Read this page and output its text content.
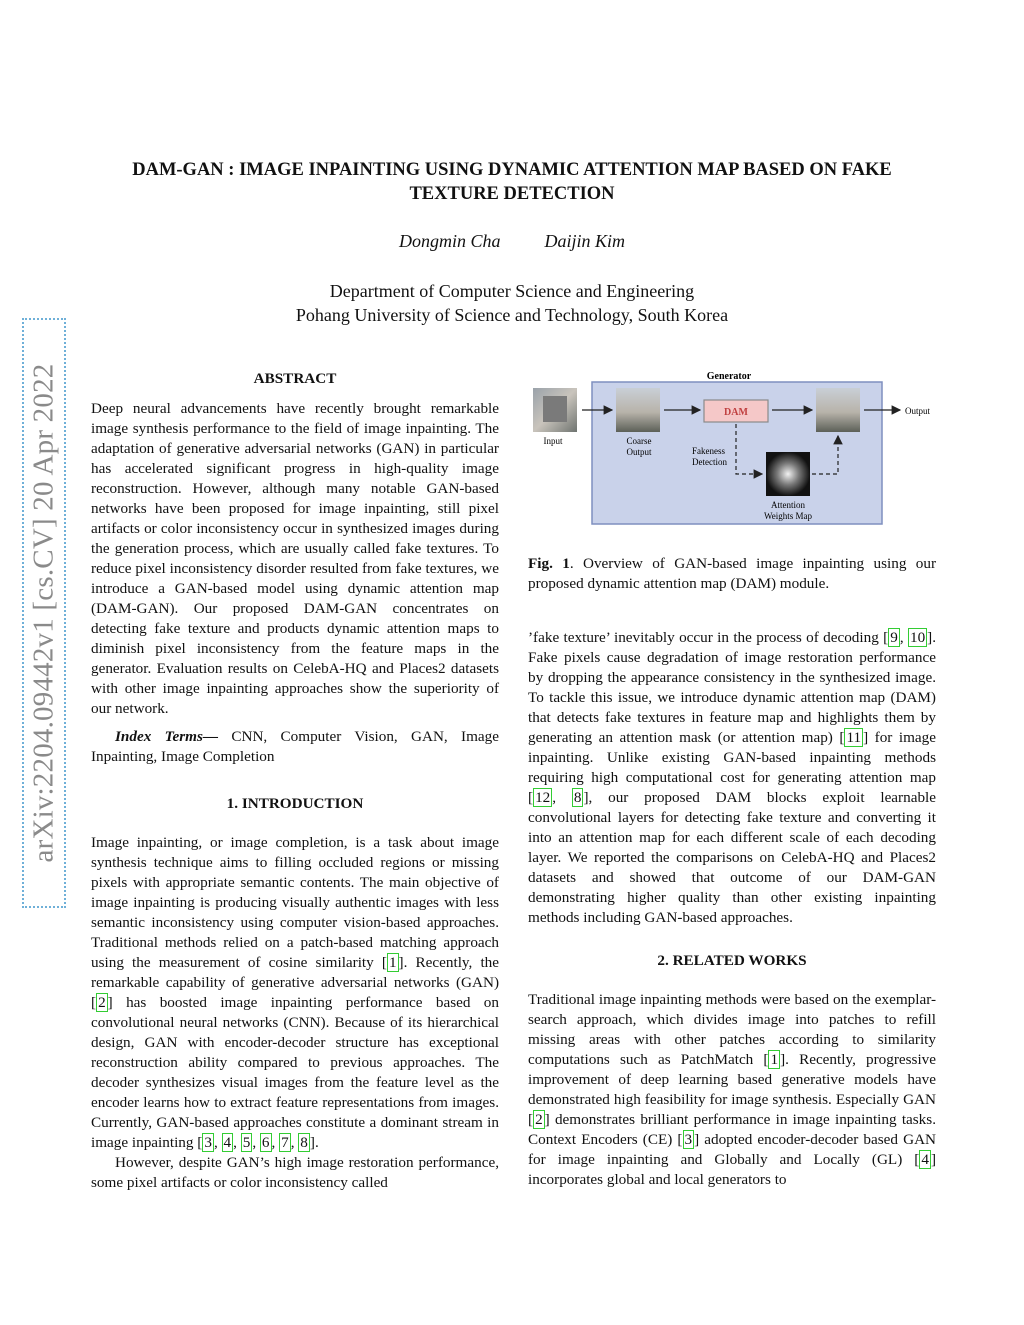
arXiv:2204.09442v1 [cs.CV] 20 Apr 2022
DAM-GAN : IMAGE INPAINTING USING DYNAMIC ATTENTION MAP BASED ON FAKE
TEXTURE DETECTION
Dongmin Cha Daijin Kim
Department of Computer Science and Engineering
Pohang University of Science and Technology, South Korea
ABSTRACT

Deep neural advancements have recently brought remarkable image synthesis performance to the field of image inpainting. The adaptation of generative adversarial networks (GAN) in particular has accelerated significant progress in high-quality image reconstruction. However, although many notable GAN-based networks have been proposed for image inpainting, still pixel artifacts or color inconsistency occur in synthesized images during the generation process, which are usually called fake textures. To reduce pixel inconsistency disorder resulted from fake textures, we introduce a GAN-based model using dynamic attention map (DAM-GAN). Our proposed DAM-GAN concentrates on detecting fake texture and products dynamic attention maps to diminish pixel inconsistency from the feature maps in the generator. Evaluation results on CelebA-HQ and Places2 datasets with other image inpainting approaches show the superiority of our network.

Index Terms— CNN, Computer Vision, GAN, Image Inpainting, Image Completion

1. INTRODUCTION

Image inpainting, or image completion, is a task about image synthesis technique aims to filling occluded regions or missing pixels with appropriate semantic contents. The main objective of image inpainting is producing visually authentic images with less semantic inconsistency using computer vision-based approaches. Traditional methods relied on a patch-based matching approach using the measurement of cosine similarity [ 1 ]. Recently, the remarkable capability of generative adversarial networks (GAN) [ 2 ] has boosted image inpainting performance based on convolutional neural networks (CNN). Because of its hierarchical design, GAN with encoder-decoder structure has exceptional reconstruction ability compared to previous approaches. The decoder synthesizes visual images from the feature level as the encoder learns how to extract feature representations from images. Currently, GAN-based approaches constitute a dominant stream in image inpainting [ 3 , 4 , 5 , 6 , 7 , 8 ].

However, despite GAN’s high image restoration performance, some pixel artifacts or color inconsistency called

Generator
Input	Coarse
Output
DAM
Fakeness
Detection
Attention
Weights Map
Output

Fig. 1. Overview of GAN-based image inpainting using our proposed dynamic attention map (DAM) module.

’fake texture’ inevitably occur in the process of decoding [ 9 , 10 ]. Fake pixels cause degradation of image restoration performance by dropping the appearance consistency in the synthesized image. To tackle this issue, we introduce dynamic attention map (DAM) that detects fake textures in feature map and highlights them by generating an attention mask (or attention map) [ 11 ] for image inpainting. Unlike existing GAN-based inpainting methods requiring high computational cost for generating attention map [ 12 , 8 ], our proposed DAM blocks exploit learnable convolutional layers for detecting fake texture and converting it into an attention map for each different scale of each decoding layer. We reported the comparisons on CelebA-HQ and Places2 datasets and showed that outcome of our DAM-GAN demonstrating higher quality than other existing inpainting methods including GAN-based approaches.

2. RELATED WORKS

Traditional image inpainting methods were based on the exemplar-search approach, which divides image into patches to refill missing areas with other patches according to similarity computations such as PatchMatch [ 1 ]. Recently, progressive improvement of deep learning based generative models have demonstrated high feasibility for image synthesis. Especially GAN [ 2 ] demonstrates brilliant performance in image inpainting tasks. Context Encoders (CE) [ 3 ] adopted encoder-decoder based GAN for image inpainting and Globally and Locally (GL) [ 4 ] incorporates global and local generators to
